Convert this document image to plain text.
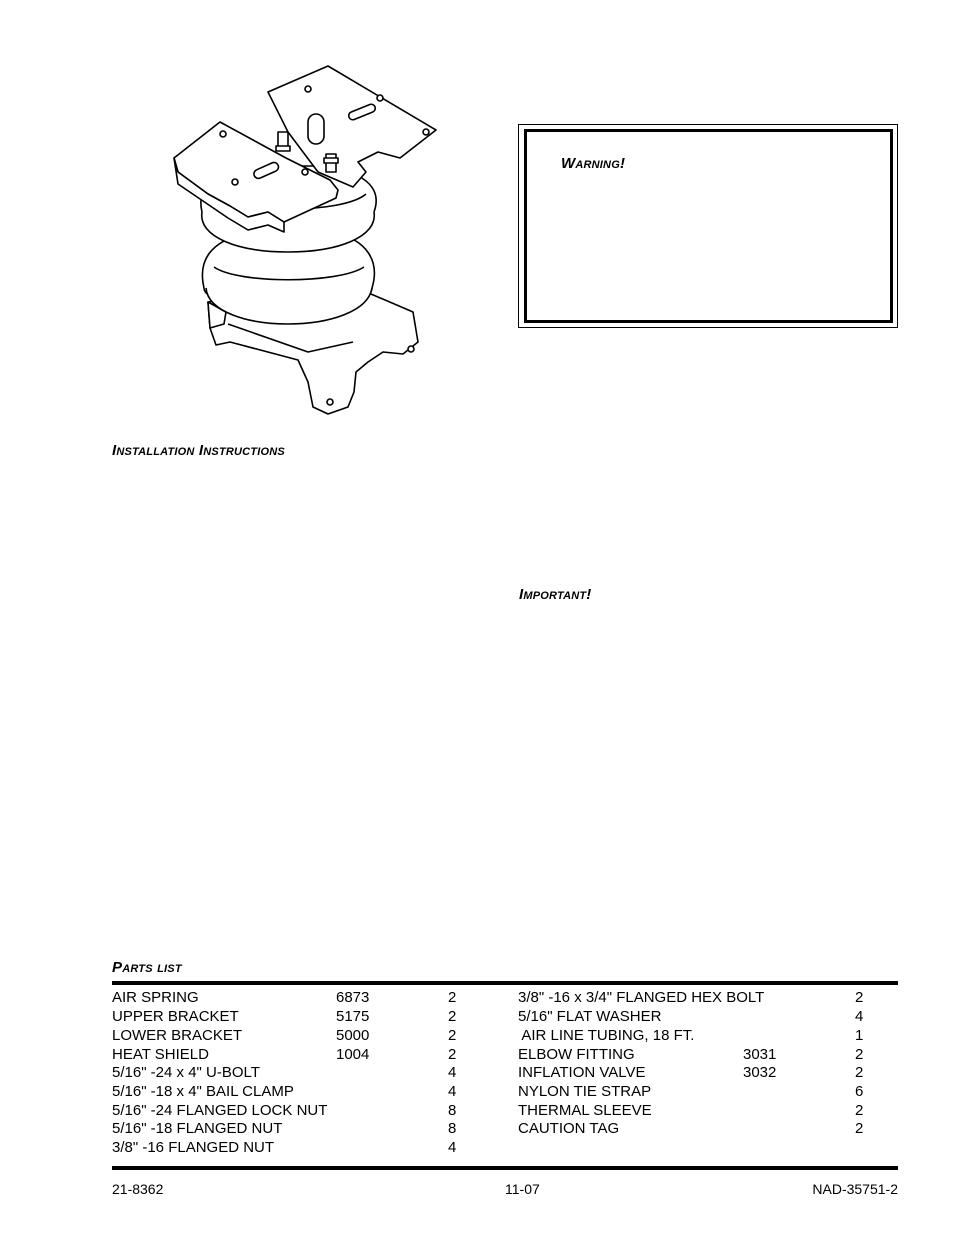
Warning!
Installation Instructions
Important!
Parts list
AIR SPRING	6873	2
UPPER BRACKET	5175	2
LOWER BRACKET	5000	2
HEAT SHIELD	1004	2
5/16" -24 x 4" U-BOLT	4
5/16" -18 x 4" BAIL CLAMP	4
5/16" -24 FLANGED LOCK NUT	8
5/16" -18 FLANGED NUT	8
3/8" -16 FLANGED NUT	4
3/8" -16 x 3/4" FLANGED HEX BOLT	2
5/16" FLAT WASHER	4
AIR LINE TUBING, 18 FT.	1
ELBOW FITTING	3031	2
INFLATION VALVE	3032	2
NYLON TIE STRAP	6
THERMAL SLEEVE	2
CAUTION TAG	2
21-8362	11-07	NAD-35751-2
